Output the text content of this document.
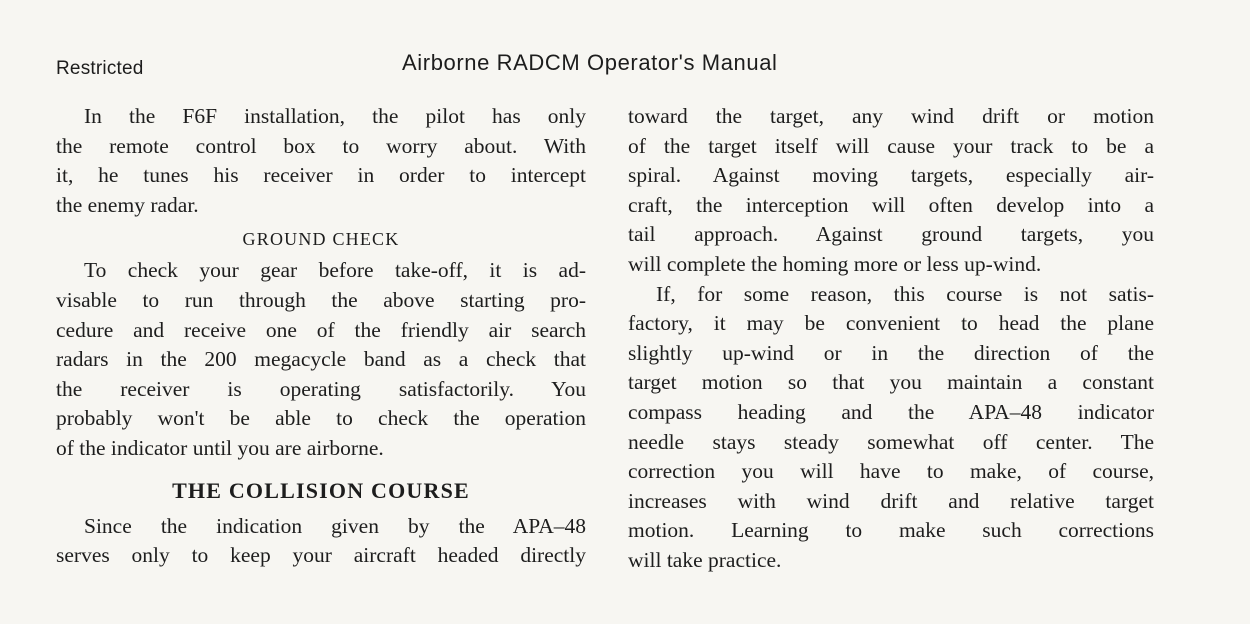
Restricted	Airborne RADCM Operator's Manual
In the F6F installation, the pilot has only
the remote control box to worry about. With
it, he tunes his receiver in order to intercept
the enemy radar.
GROUND CHECK
To check your gear before take-off, it is ad-
visable to run through the above starting pro-
cedure and receive one of the friendly air search
radars in the 200 megacycle band as a check that
the receiver is operating satisfactorily. You
probably won't be able to check the operation
of the indicator until you are airborne.
THE COLLISION COURSE
Since the indication given by the APA–48
serves only to keep your aircraft headed directly
toward the target, any wind drift or motion
of the target itself will cause your track to be a
spiral. Against moving targets, especially air-
craft, the interception will often develop into a
tail approach. Against ground targets, you
will complete the homing more or less up-wind.
If, for some reason, this course is not satis-
factory, it may be convenient to head the plane
slightly up-wind or in the direction of the
target motion so that you maintain a constant
compass heading and the APA–48 indicator
needle stays steady somewhat off center. The
correction you will have to make, of course,
increases with wind drift and relative target
motion. Learning to make such corrections
will take practice.
